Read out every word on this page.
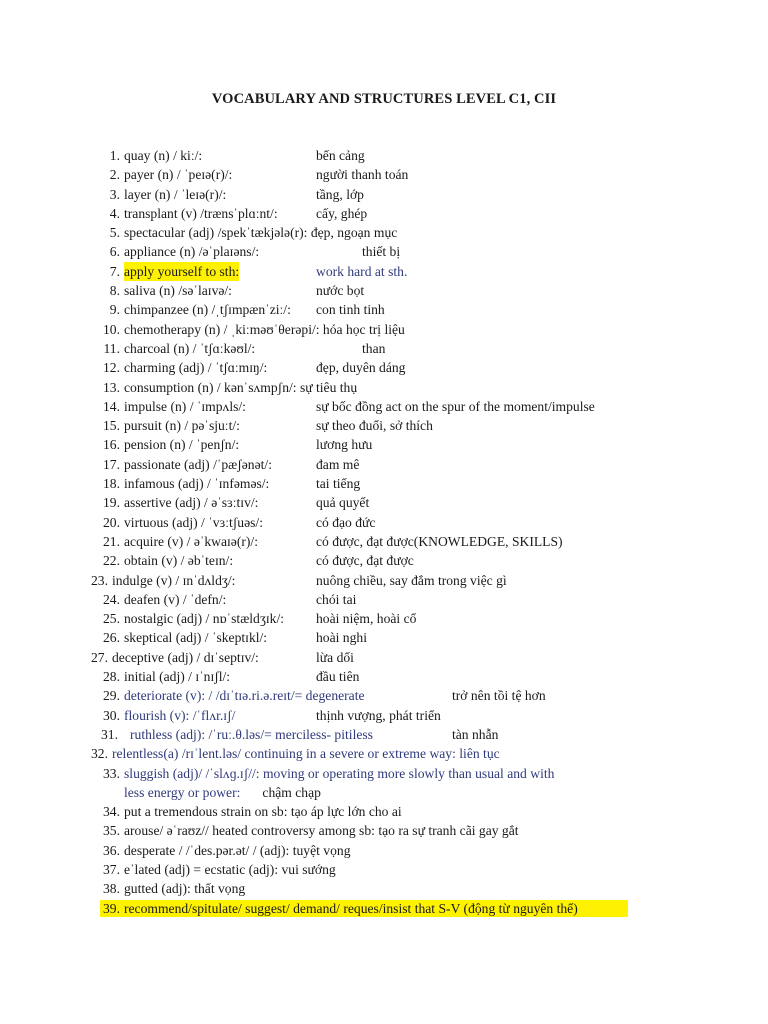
VOCABULARY AND STRUCTURES LEVEL C1, CII
1. quay (n) / kiː/:	bến cảng
2. payer (n) / ˈpeɪə(r)/:	người thanh toán
3. layer (n) / ˈleɪə(r)/:	tầng, lớp
4. transplant (v) /trænsˈplɑːnt/:	cấy, ghép
5. spectacular (adj) /spekˈtækjələ(r): đẹp, ngoạn mục
6. appliance (n) /əˈplaɪəns/:	thiết bị
7. apply yourself to sth:	work hard at sth.
8. saliva (n) /səˈlaɪvə/:	nước bọt
9. chimpanzee (n) /ˌtʃɪmpænˈziː/: con tinh tinh
10. chemotherapy (n) / ˌkiːməʊˈθerəpi/: hóa học trị liệu
11. charcoal (n) / ˈtʃɑːkəʊl/:	than
12. charming (adj) / ˈtʃɑːmɪŋ/:	đẹp, duyên dáng
13. consumption (n) / kənˈsʌmpʃn/: sự tiêu thụ
14. impulse (n) / ˈɪmpʌls/:	sự bốc đồng act on the spur of the moment/impulse
15. pursuit (n) / pəˈsjuːt/:	sự theo đuổi, sở thích
16. pension (n) / ˈpenʃn/:	lương hưu
17. passionate (adj) /ˈpæʃənət/:	đam mê
18. infamous (adj) / ˈɪnfəməs/:	tai tiếng
19. assertive (adj) / əˈsɜːtɪv/:	quả quyết
20. virtuous (adj) / ˈvɜːtʃuəs/:	có đạo đức
21. acquire (v) / əˈkwaɪə(r)/:	có được, đạt được(KNOWLEDGE, SKILLS)
22. obtain (v) / əbˈteɪn/:	có được, đạt được
23. indulge (v) / ɪnˈdʌldʒ/:	nuông chiều, say đắm trong việc gì
24. deafen (v) / ˈdefn/:	chói tai
25. nostalgic (adj) / nɒˈstældʒɪk/: hoài niệm, hoài cổ
26. skeptical (adj) / ˈskeptɪkl/:	hoài nghi
27. deceptive (adj) / dɪˈseptɪv/:	lừa dối
28. initial (adj) / ɪˈnɪʃl/:	đầu tiên
29. deteriorate (v): / /dɪˈtɪə.ri.ə.reɪt/= degenerate	trở nên tồi tệ hơn
30. flourish (v): /ˈflʌr.ɪʃ/	thịnh vượng, phát triển
31. ruthless (adj): /ˈruː.θ.ləs/= merciless- pitiless	tàn nhẫn
32. relentless(a) /rɪˈlent.ləs/ continuing in a severe or extreme way: liên tục
33. sluggish (adj)/ /ˈslʌɡ.ɪʃ//: moving or operating more slowly than usual and with
less energy or power: chậm chạp
34. put a tremendous strain on sb: tạo áp lực lớn cho ai
35. arouse/ əˈraʊz// heated controversy among sb: tạo ra sự tranh cãi gay gắt
36. desperate / /ˈdes.pər.ət/ / (adj): tuyệt vọng
37. eˈlated (adj) = ecstatic (adj): vui sướng
38. gutted (adj): thất vọng
39. recommend/spitulate/ suggest/ demand/ reques/insist that S-V (động từ nguyên thể)
